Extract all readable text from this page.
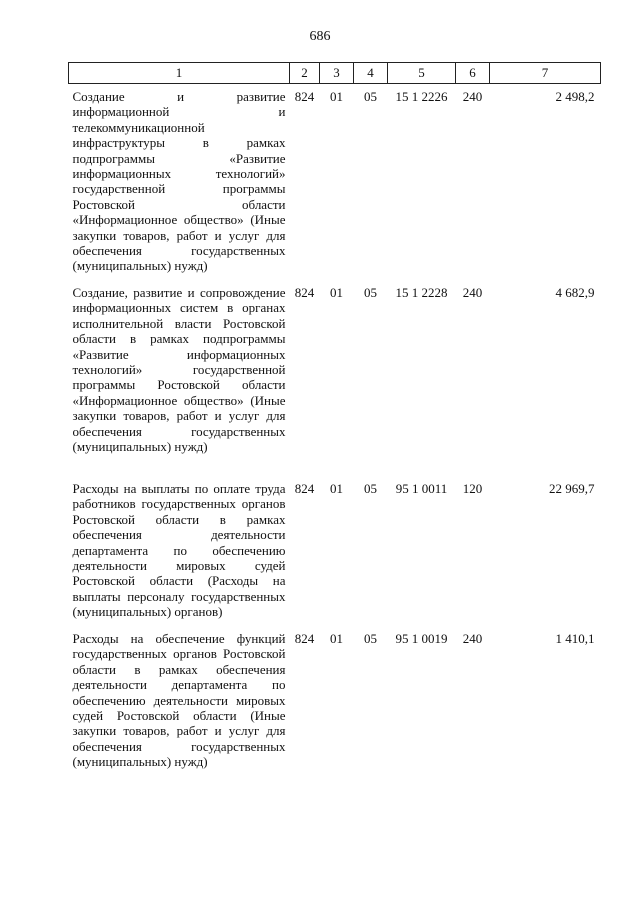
686
1	2	3	4	5	6	7
Создание и развитие информационной и телекоммуникационной инфраструктуры в рамках подпрограммы «Развитие информационных технологий» государственной программы Ростовской области «Информационное общество» (Иные закупки товаров, работ и услуг для обеспечения государственных (муниципальных) нужд)	824	01	05	15 1 2226	240	2 498,2
Создание, развитие и сопровождение информационных систем в органах исполнительной власти Ростовской области в рамках подпрограммы «Развитие информационных технологий» государственной программы Ростовской области «Информационное общество» (Иные закупки товаров, работ и услуг для обеспечения государственных (муниципальных) нужд)	824	01	05	15 1 2228	240	4 682,9
Расходы на выплаты по оплате труда работников государственных органов Ростовской области в рамках обеспечения деятельности департамента по обеспечению деятельности мировых судей Ростовской области (Расходы на выплаты персоналу государственных (муниципальных) органов)	824	01	05	95 1 0011	120	22 969,7
Расходы на обеспечение функций государственных органов Ростовской области в рамках обеспечения деятельности департамента по обеспечению деятельности мировых судей Ростовской области (Иные закупки товаров, работ и услуг для обеспечения государственных (муниципальных) нужд)	824	01	05	95 1 0019	240	1 410,1
